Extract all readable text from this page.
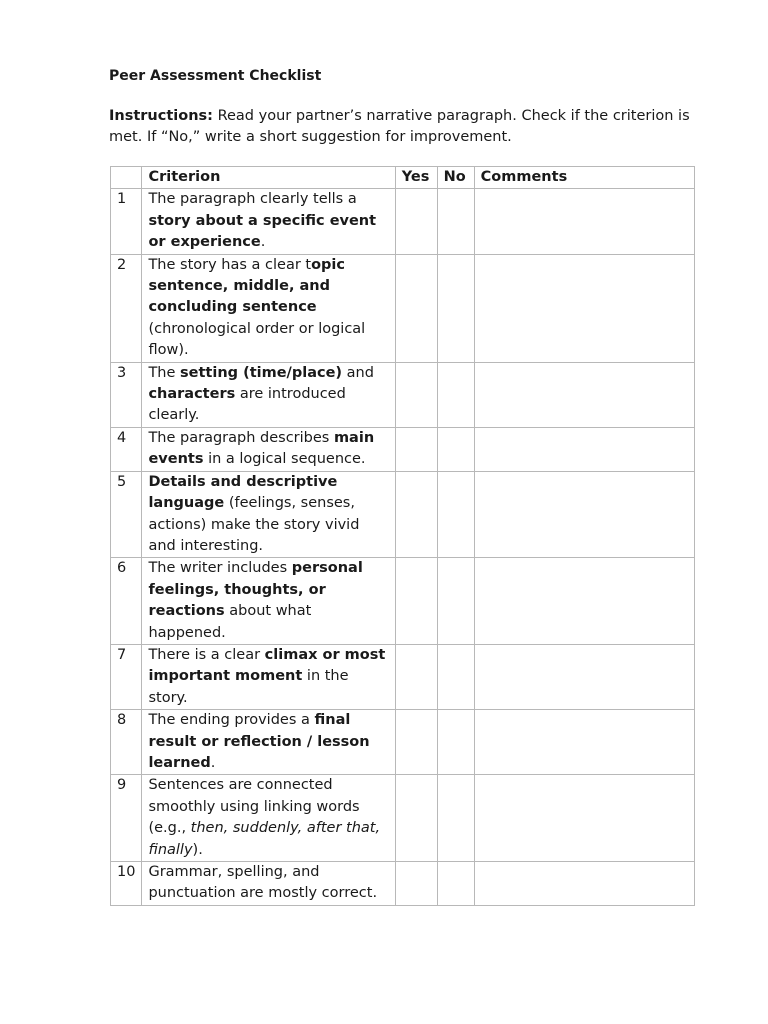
Peer Assessment Checklist
Instructions: Read your partner’s narrative paragraph. Check if the criterion is met. If “No,” write a short suggestion for improvement.
	Criterion	Yes	No	Comments
1	The paragraph clearly tells a story about a specific event or experience.			
2	The story has a clear topic sentence, middle, and concluding sentence (chronological order or logical flow).			
3	The setting (time/place) and characters are introduced clearly.			
4	The paragraph describes main events in a logical sequence.			
5	Details and descriptive language (feelings, senses, actions) make the story vivid and interesting.			
6	The writer includes personal feelings, thoughts, or reactions about what happened.			
7	There is a clear climax or most important moment in the story.			
8	The ending provides a final result or reflection / lesson learned.			
9	Sentences are connected smoothly using linking words (e.g., then, suddenly, after that, finally).			
10	Grammar, spelling, and punctuation are mostly correct.			
